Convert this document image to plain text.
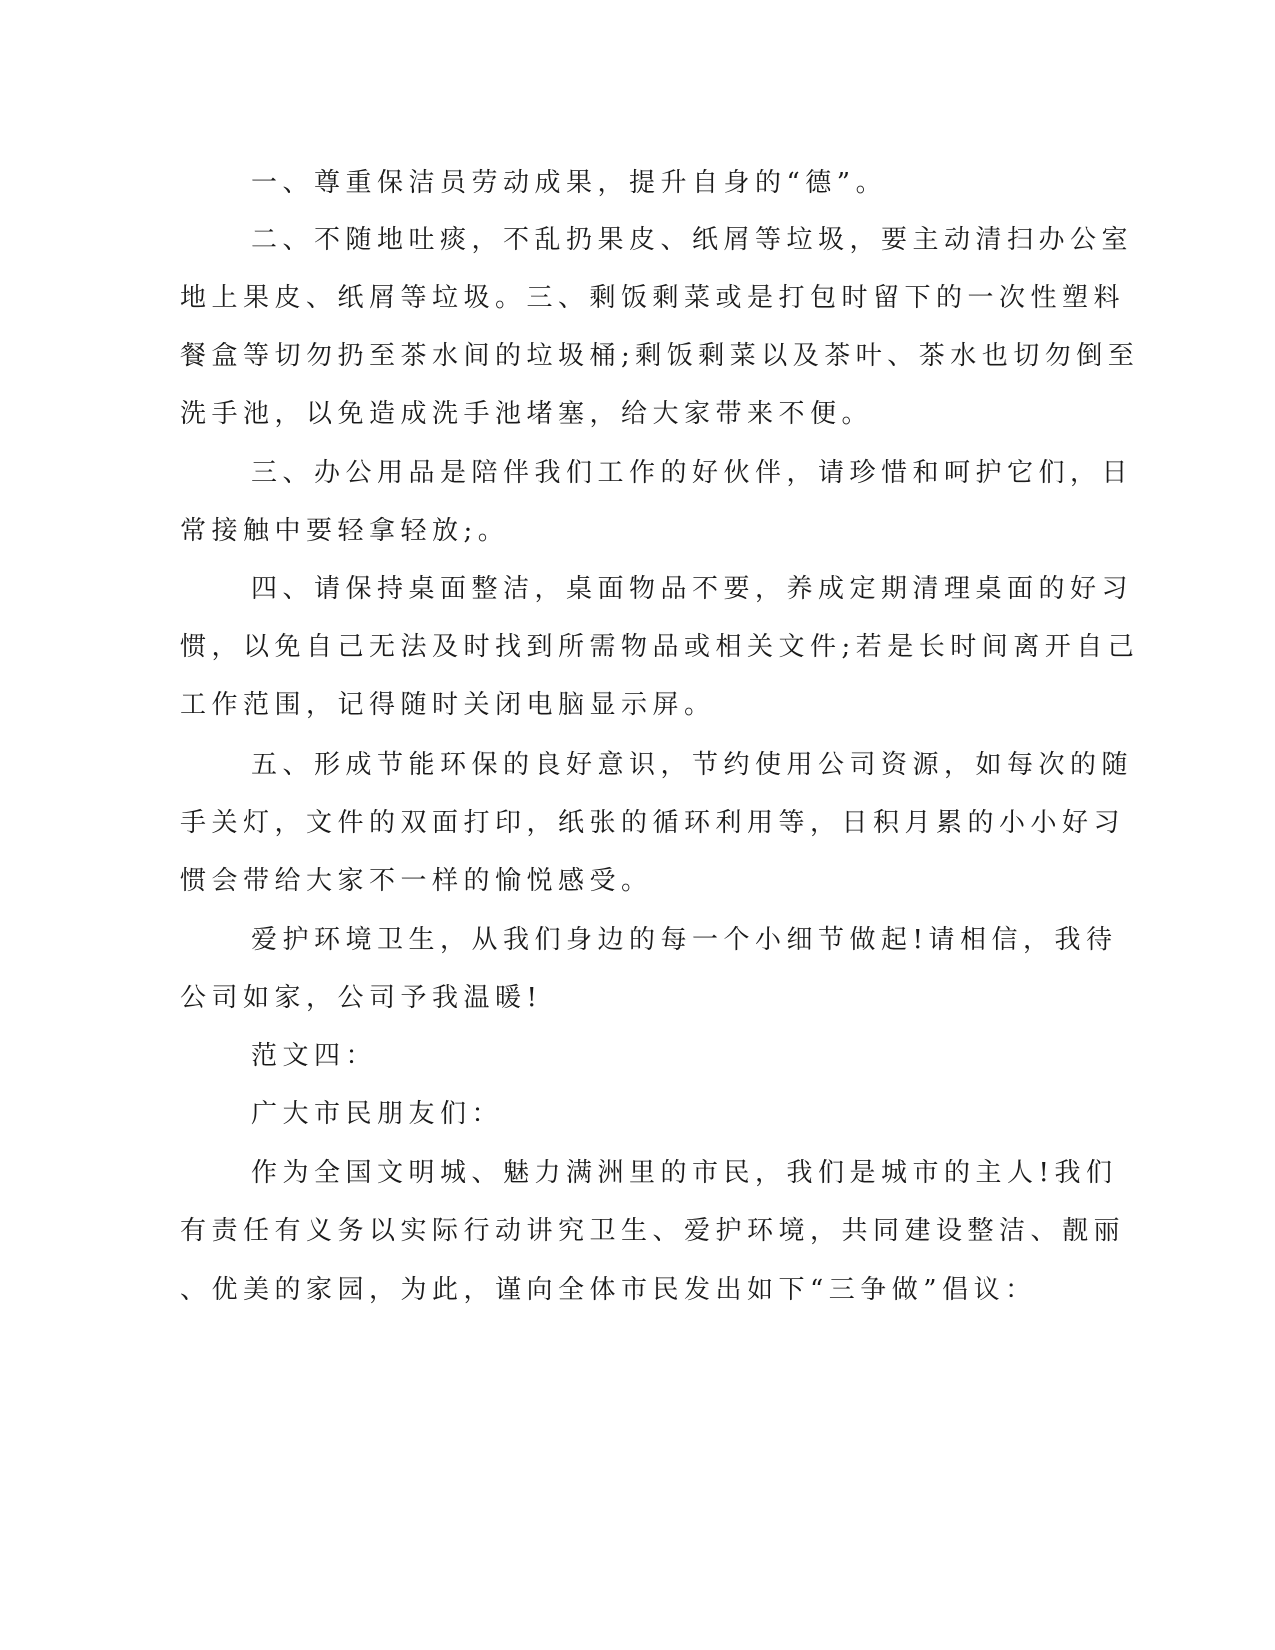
一、尊重保洁员劳动成果，提升自身的“德”。

二、不随地吐痰，不乱扔果皮、纸屑等垃圾，要主动清扫办公室

地上果皮、纸屑等垃圾。三、剩饭剩菜或是打包时留下的一次性塑料

餐盒等切勿扔至茶水间的垃圾桶;剩饭剩菜以及茶叶、茶水也切勿倒至

洗手池，以免造成洗手池堵塞，给大家带来不便。

三、办公用品是陪伴我们工作的好伙伴，请珍惜和呵护它们，日

常接触中要轻拿轻放;。

四、请保持桌面整洁，桌面物品不要，养成定期清理桌面的好习

惯，以免自己无法及时找到所需物品或相关文件;若是长时间离开自己

工作范围，记得随时关闭电脑显示屏。

五、形成节能环保的良好意识，节约使用公司资源，如每次的随

手关灯，文件的双面打印，纸张的循环利用等，日积月累的小小好习

惯会带给大家不一样的愉悦感受。

爱护环境卫生，从我们身边的每一个小细节做起!请相信，我待

公司如家，公司予我温暖!

范文四：

广大市民朋友们：

作为全国文明城、魅力满洲里的市民，我们是城市的主人!我们

有责任有义务以实际行动讲究卫生、爱护环境，共同建设整洁、靓丽

、优美的家园，为此，谨向全体市民发出如下“三争做”倡议：
